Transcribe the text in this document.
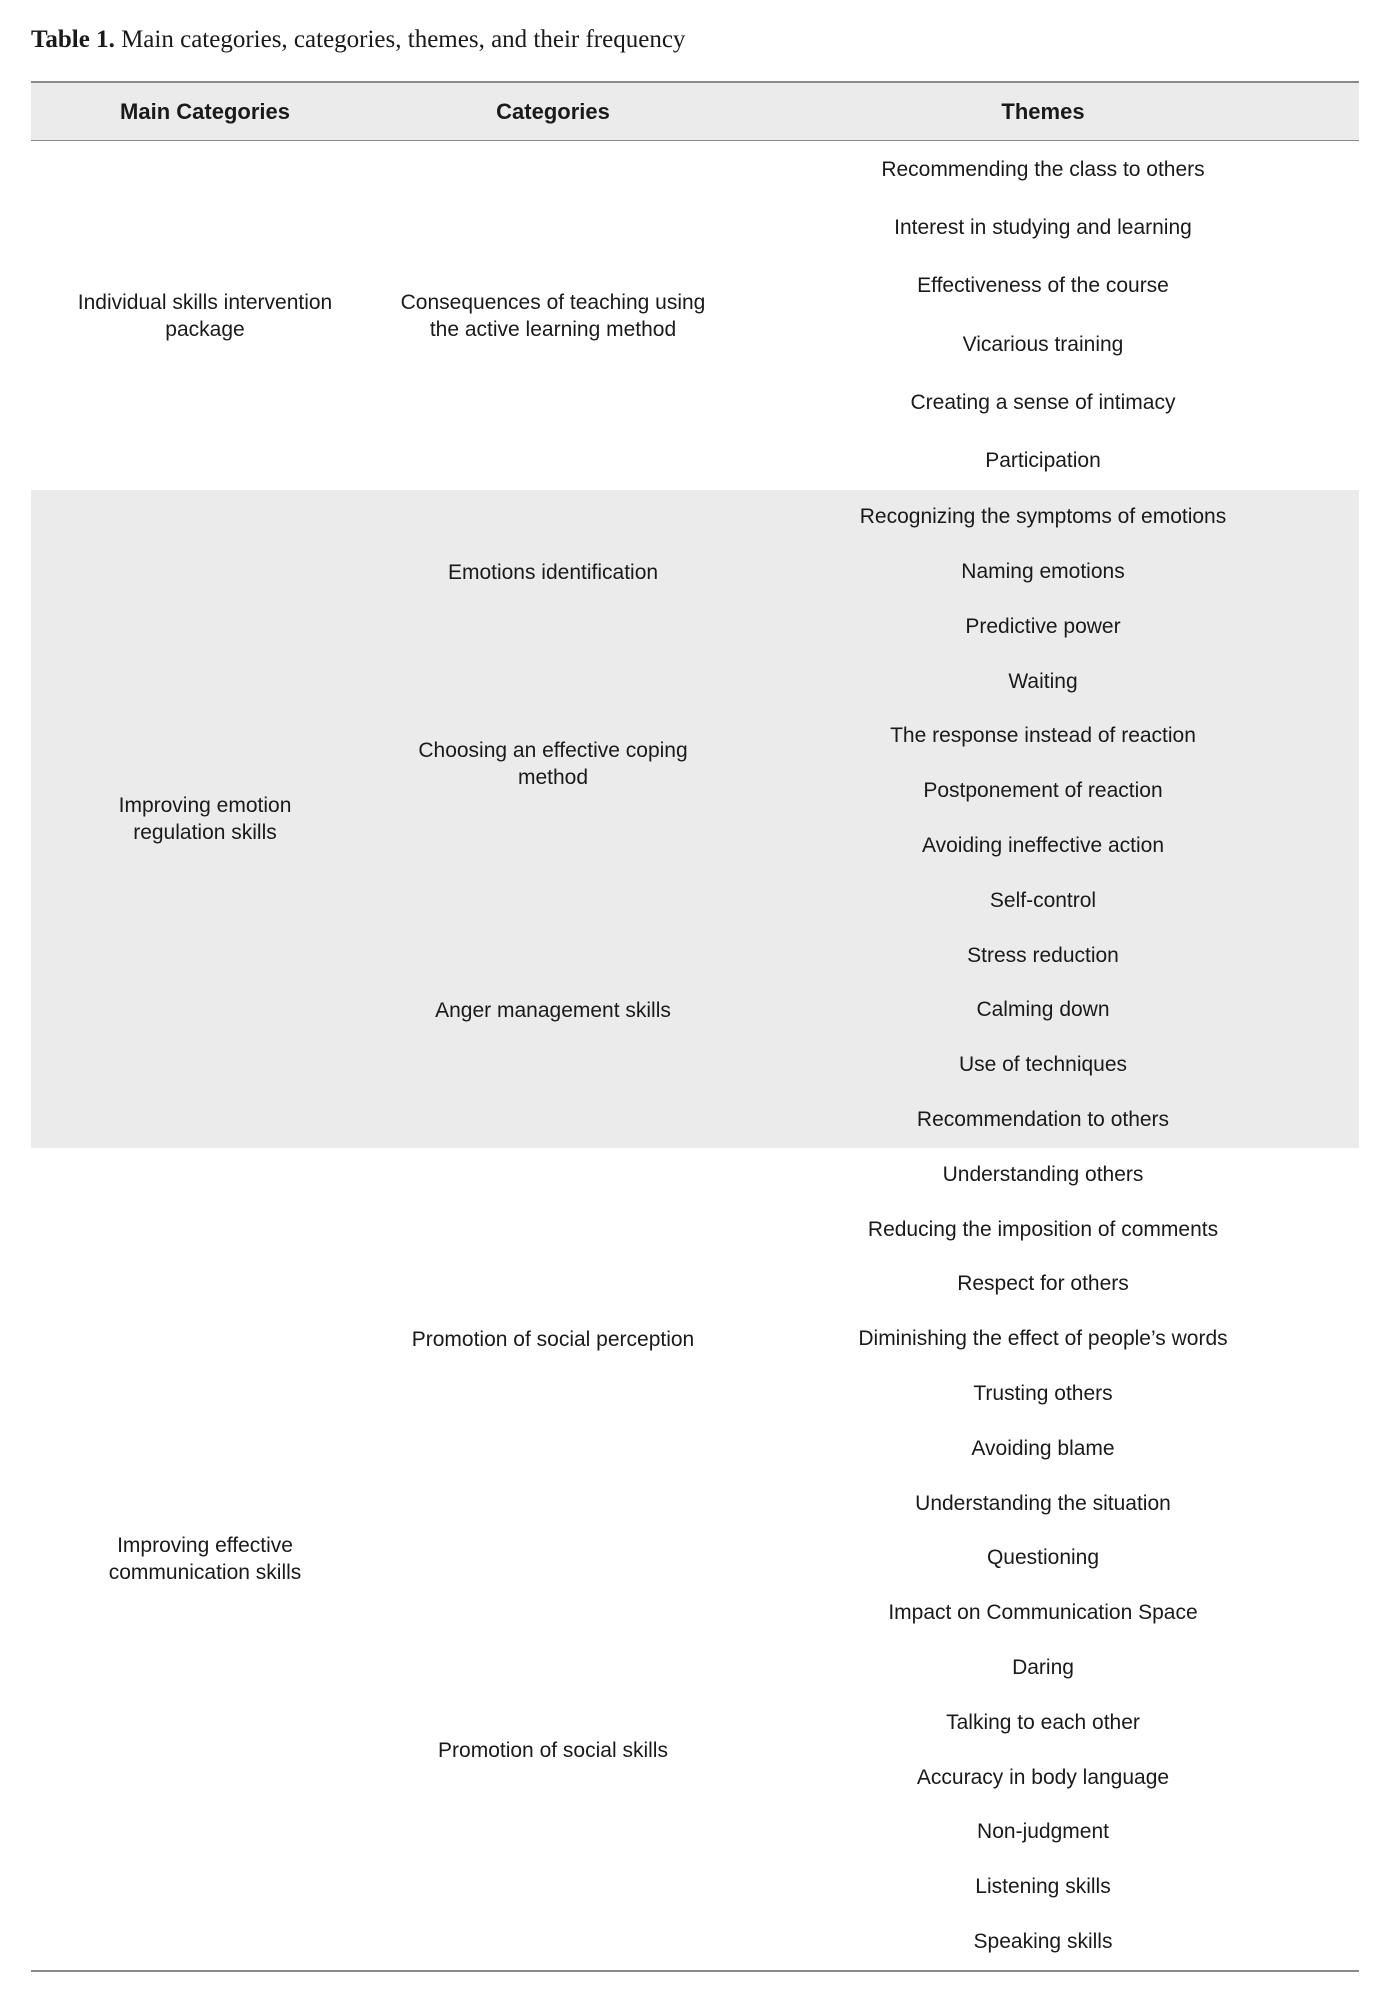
Table 1. Main categories, categories, themes, and their frequency
Main Categories	Categories	Themes
Individual skills intervention
package
Consequences of teaching using
the active learning method
Recommending the class to others
Interest in studying and learning
Effectiveness of the course
Vicarious training
Creating a sense of intimacy
Participation
Improving emotion
regulation skills
Emotions identification
Choosing an effective coping
method
Anger management skills
Recognizing the symptoms of emotions
Naming emotions
Predictive power
Waiting
The response instead of reaction
Postponement of reaction
Avoiding ineffective action
Self-control
Stress reduction
Calming down
Use of techniques
Recommendation to others
Improving effective
communication skills
Promotion of social perception
Promotion of social skills
Understanding others
Reducing the imposition of comments
Respect for others
Diminishing the effect of people’s words
Trusting others
Avoiding blame
Understanding the situation
Questioning
Impact on Communication Space
Daring
Talking to each other
Accuracy in body language
Non-judgment
Listening skills
Speaking skills
